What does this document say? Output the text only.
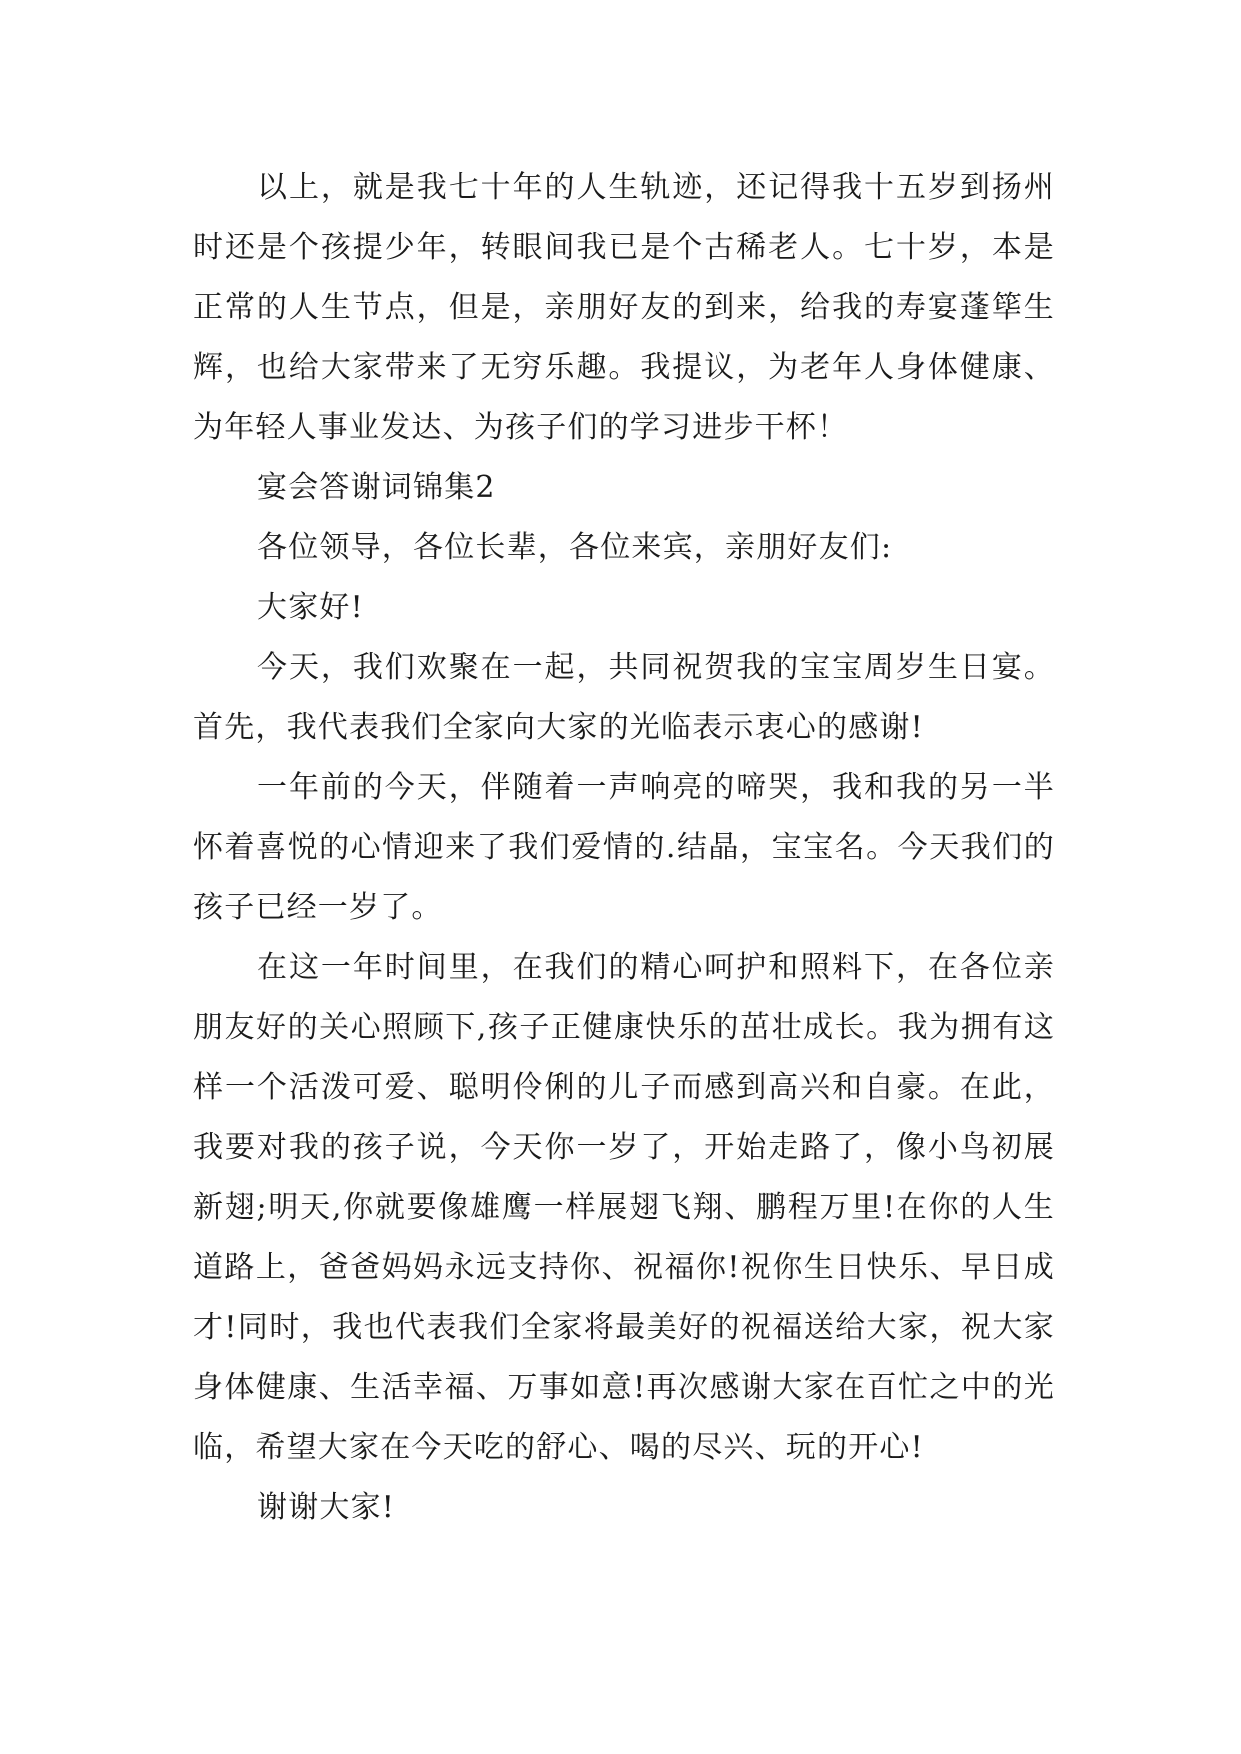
以上，就是我七十年的人生轨迹，还记得我十五岁到扬州时还是个孩提少年，转眼间我已是个古稀老人。七十岁，本是正常的人生节点，但是，亲朋好友的到来，给我的寿宴蓬筚生辉，也给大家带来了无穷乐趣。我提议，为老年人身体健康、为年轻人事业发达、为孩子们的学习进步干杯！

宴会答谢词锦集2

各位领导，各位长辈，各位来宾，亲朋好友们:

大家好!

今天，我们欢聚在一起，共同祝贺我的宝宝周岁生日宴。首先，我代表我们全家向大家的光临表示衷心的感谢!

一年前的今天，伴随着一声响亮的啼哭，我和我的另一半怀着喜悦的心情迎来了我们爱情的.结晶，宝宝名。今天我们的孩子已经一岁了。

在这一年时间里，在我们的精心呵护和照料下，在各位亲朋友好的关心照顾下,孩子正健康快乐的茁壮成长。我为拥有这样一个活泼可爱、聪明伶俐的儿子而感到高兴和自豪。在此，我要对我的孩子说，今天你一岁了，开始走路了，像小鸟初展新翅;明天,你就要像雄鹰一样展翅飞翔、鹏程万里!在你的人生道路上，爸爸妈妈永远支持你、祝福你!祝你生日快乐、早日成才!同时，我也代表我们全家将最美好的祝福送给大家，祝大家身体健康、生活幸福、万事如意!再次感谢大家在百忙之中的光临，希望大家在今天吃的舒心、喝的尽兴、玩的开心!

谢谢大家!
